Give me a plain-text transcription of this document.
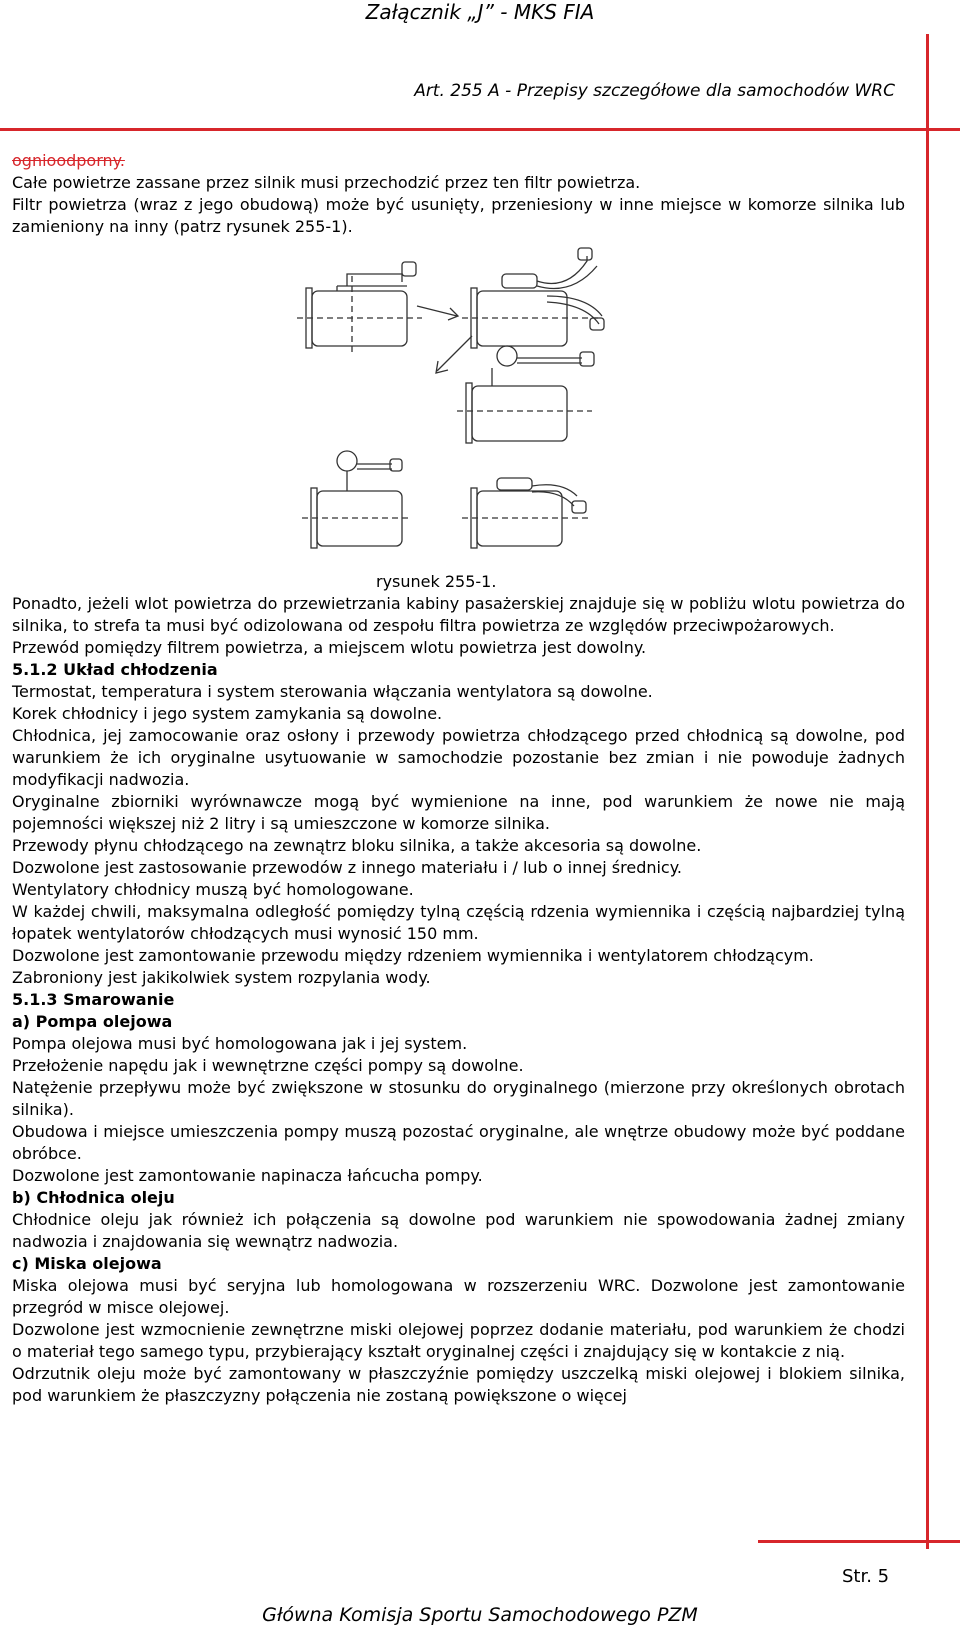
Załącznik „J” - MKS FIA
Art. 255 A - Przepisy szczegółowe dla samochodów WRC

ognioodporny.

Całe powietrze zassane przez silnik musi przechodzić przez ten filtr powietrza.

Filtr powietrza (wraz z jego obudową) może być usunięty, przeniesiony w inne miejsce w komorze silnika lub zamieniony na inny (patrz rysunek 255-1).

rysunek 255-1.

Ponadto, jeżeli wlot powietrza do przewietrzania kabiny pasażerskiej znajduje się w pobliżu wlotu powietrza do silnika, to strefa ta musi być odizolowana od zespołu filtra powietrza ze względów przeciwpożarowych.

Przewód pomiędzy filtrem powietrza, a miejscem wlotu powietrza jest dowolny.

5.1.2 Układ chłodzenia

Termostat, temperatura i system sterowania włączania wentylatora są dowolne.

Korek chłodnicy i jego system zamykania są dowolne.

Chłodnica, jej zamocowanie oraz osłony i przewody powietrza chłodzącego przed chłodnicą są dowolne, pod warunkiem że ich oryginalne usytuowanie w samochodzie pozostanie bez zmian i nie powoduje żadnych modyfikacji nadwozia.

Oryginalne zbiorniki wyrównawcze mogą być wymienione na inne, pod warunkiem że nowe nie mają pojemności większej niż 2 litry i są umieszczone w komorze silnika.

Przewody płynu chłodzącego na zewnątrz bloku silnika, a także akcesoria są dowolne.

Dozwolone jest zastosowanie przewodów z innego materiału i / lub o innej średnicy.

Wentylatory chłodnicy muszą być homologowane.

W każdej chwili, maksymalna odległość pomiędzy tylną częścią rdzenia wymiennika i częścią najbardziej tylną łopatek wentylatorów chłodzących musi wynosić 150 mm.

Dozwolone jest zamontowanie przewodu między rdzeniem wymiennika i wentylatorem chłodzącym.

Zabroniony jest jakikolwiek system rozpylania wody.

5.1.3 Smarowanie

a) Pompa olejowa

Pompa olejowa musi być homologowana jak i jej system.

Przełożenie napędu jak i wewnętrzne części pompy są dowolne.

Natężenie przepływu może być zwiększone w stosunku do oryginalnego (mierzone przy określonych obrotach silnika).

Obudowa i miejsce umieszczenia pompy muszą pozostać oryginalne, ale wnętrze obudowy może być poddane obróbce.

Dozwolone jest zamontowanie napinacza łańcucha pompy.

b) Chłodnica oleju

Chłodnice oleju jak również ich połączenia są dowolne pod warunkiem nie spowodowania żadnej zmiany nadwozia i znajdowania się wewnątrz nadwozia.

c) Miska olejowa

Miska olejowa musi być seryjna lub homologowana w rozszerzeniu WRC. Dozwolone jest zamontowanie przegród w misce olejowej.

Dozwolone jest wzmocnienie zewnętrzne miski olejowej poprzez dodanie materiału, pod warunkiem że chodzi o materiał tego samego typu, przybierający kształt oryginalnej części i znajdujący się w kontakcie z nią.

Odrzutnik oleju może być zamontowany w płaszczyźnie pomiędzy uszczelką miski olejowej i blokiem silnika, pod warunkiem że płaszczyzny połączenia nie zostaną powiększone o więcej

Str. 5
Główna Komisja Sportu Samochodowego PZM
